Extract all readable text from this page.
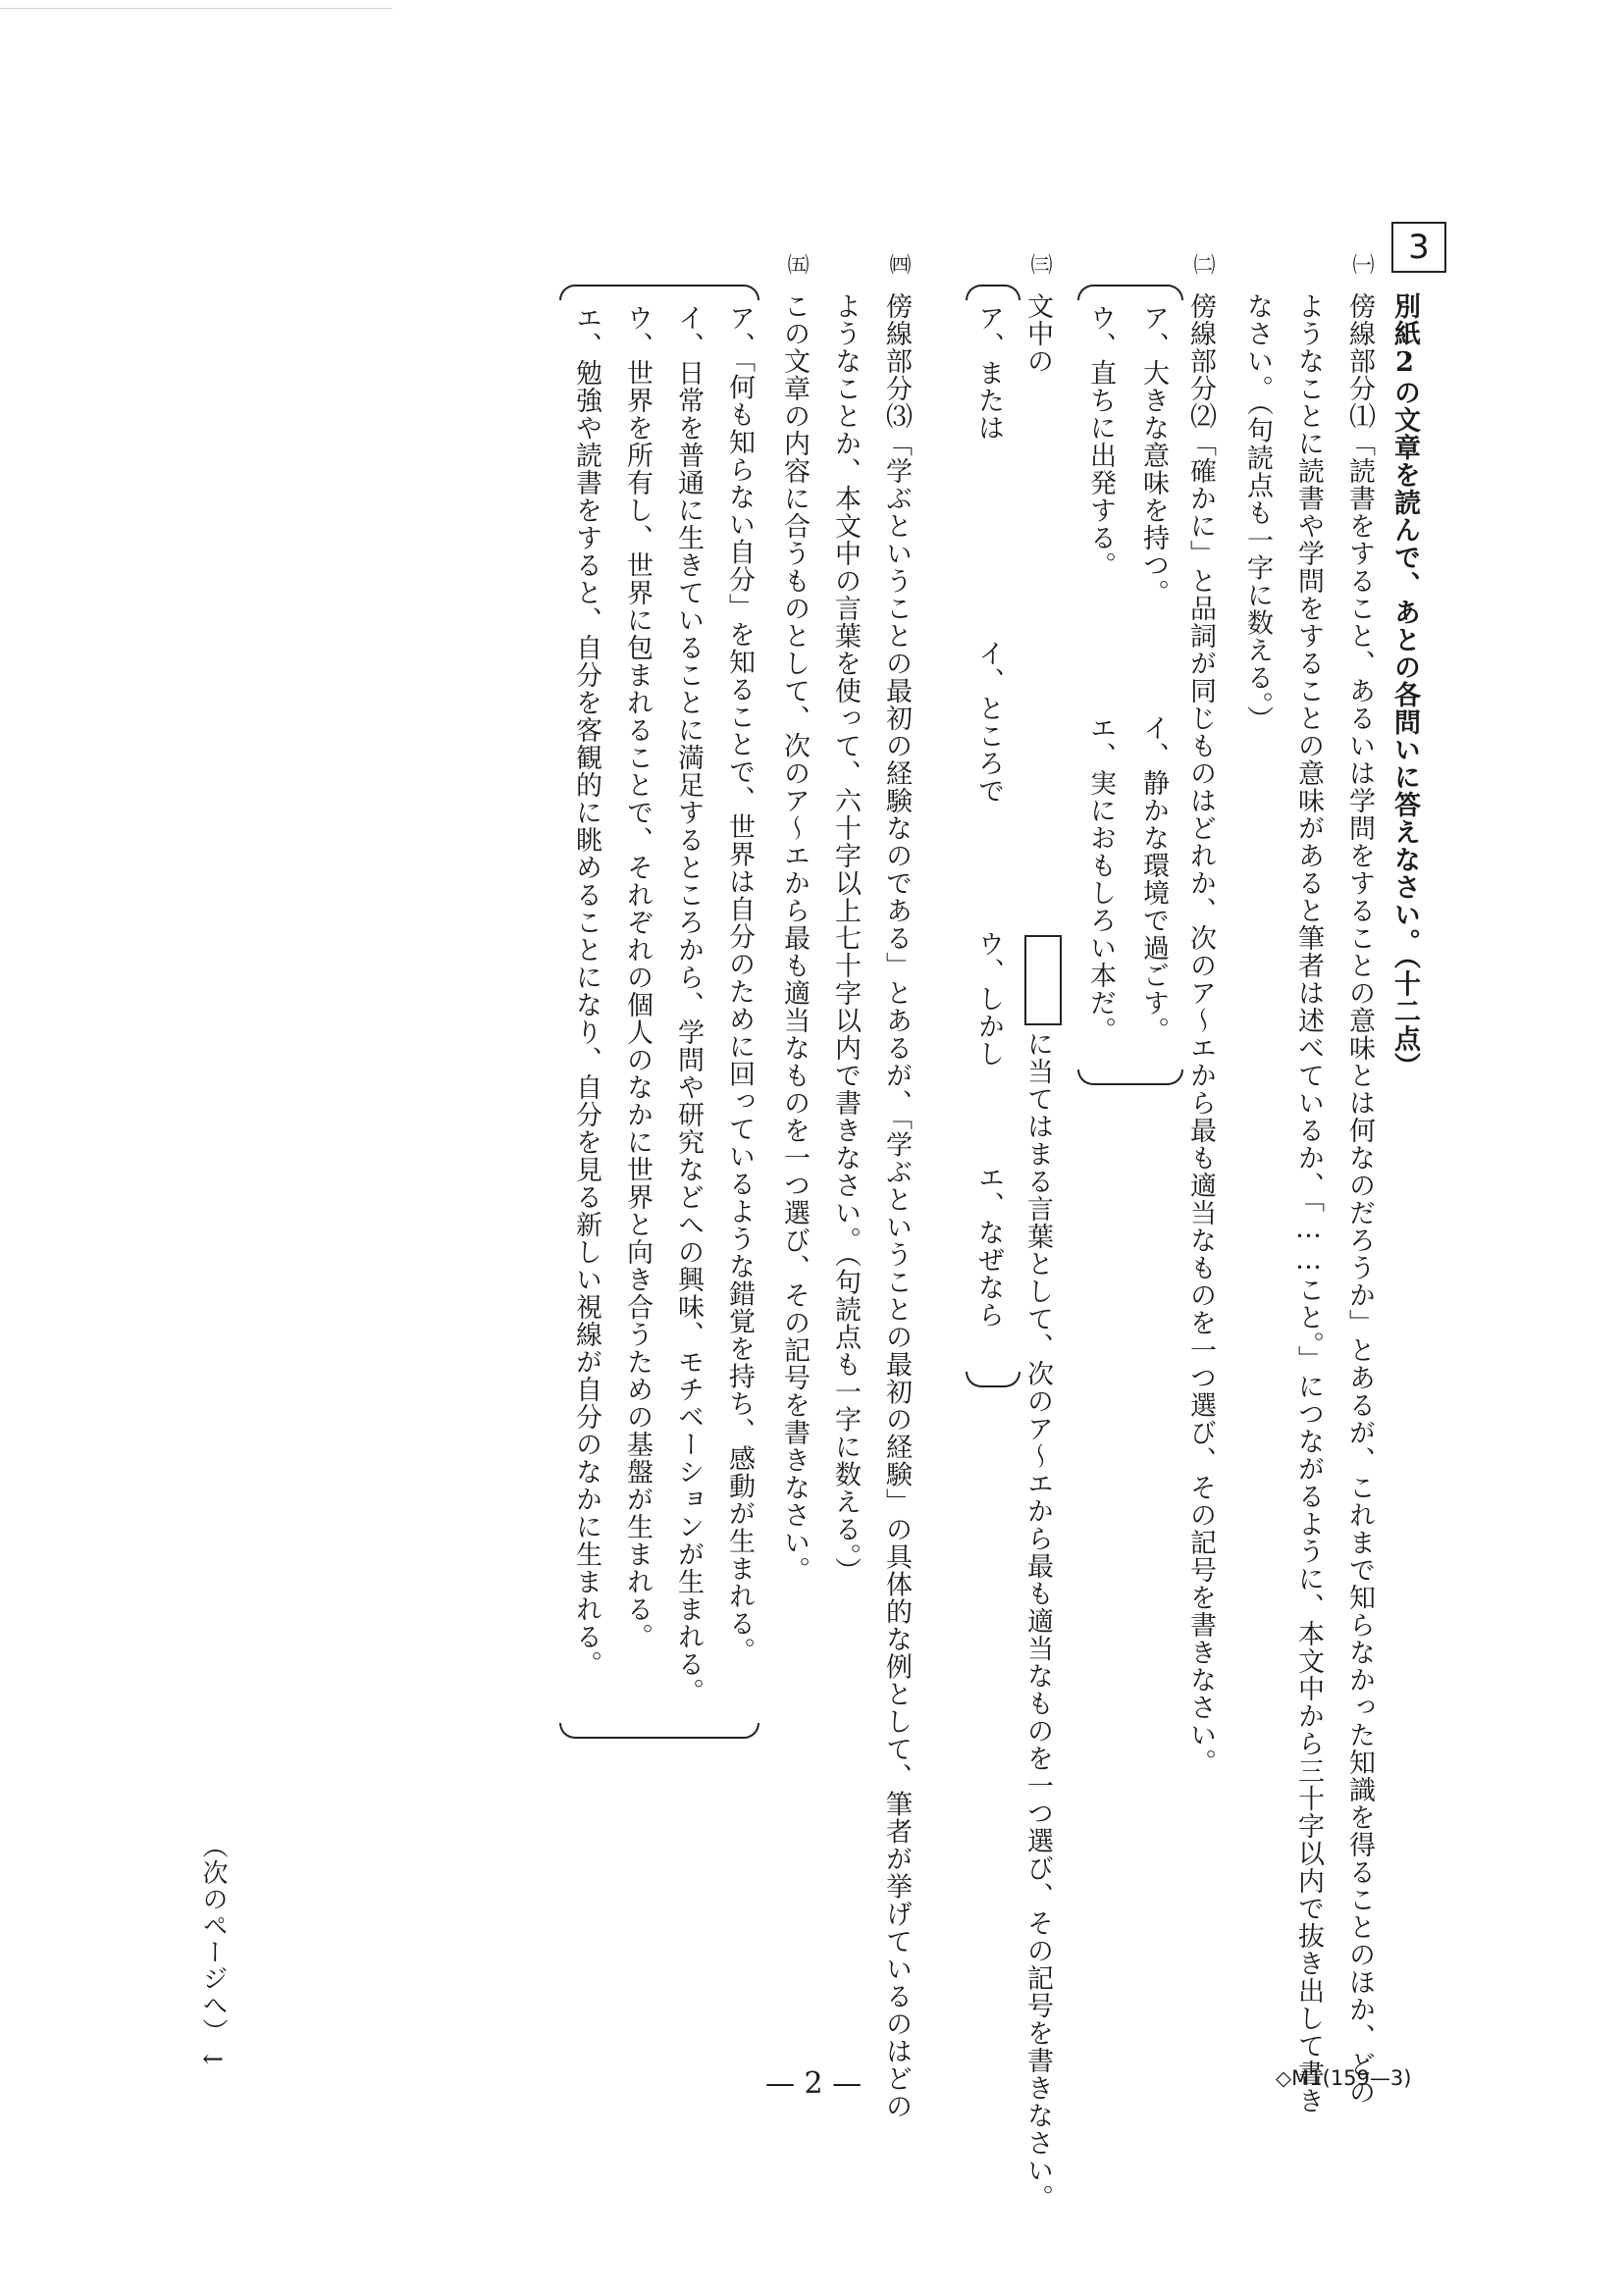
3
別紙2の文章を読んで、あとの各問いに答えなさい。（十二点）
㈠
傍線部分⑴「読書をすること、あるいは学問をすることの意味とは何なのだろうか」とあるが、これまで知らなかった知識を得ることのほか、どの
ようなことに読書や学問をすることの意味があると筆者は述べているか、「……こと。」につながるように、本文中から三十字以内で抜き出して書き
なさい。（句読点も一字に数える。）
㈡
傍線部分⑵「確かに」と品詞が同じものはどれか、次のア～エから最も適当なものを一つ選び、その記号を書きなさい。
ア、大きな意味を持つ。
イ、静かな環境で過ごす。
ウ、直ちに出発する。
エ、実におもしろい本だ。
㈢
文中の
に当てはまる言葉として、次のア～エから最も適当なものを一つ選び、その記号を書きなさい。
ア、または
イ、ところで
ウ、しかし
エ、なぜなら
㈣
傍線部分⑶「学ぶということの最初の経験なのである」とあるが、「学ぶということの最初の経験」の具体的な例として、筆者が挙げているのはどの
ようなことか、本文中の言葉を使って、六十字以上七十字以内で書きなさい。（句読点も一字に数える。）
㈤
この文章の内容に合うものとして、次のア～エから最も適当なものを一つ選び、その記号を書きなさい。
ア、「何も知らない自分」を知ることで、世界は自分のために回っているような錯覚を持ち、感動が生まれる。
イ、日常を普通に生きていることに満足するところから、学問や研究などへの興味、モチベーションが生まれる。
ウ、世界を所有し、世界に包まれることで、それぞれの個人のなかに世界と向き合うための基盤が生まれる。
エ、勉強や読書をすると、自分を客観的に眺めることになり、自分を見る新しい視線が自分のなかに生まれる。
（次のページへ）←
— 2 —	◇M1(159—3)
